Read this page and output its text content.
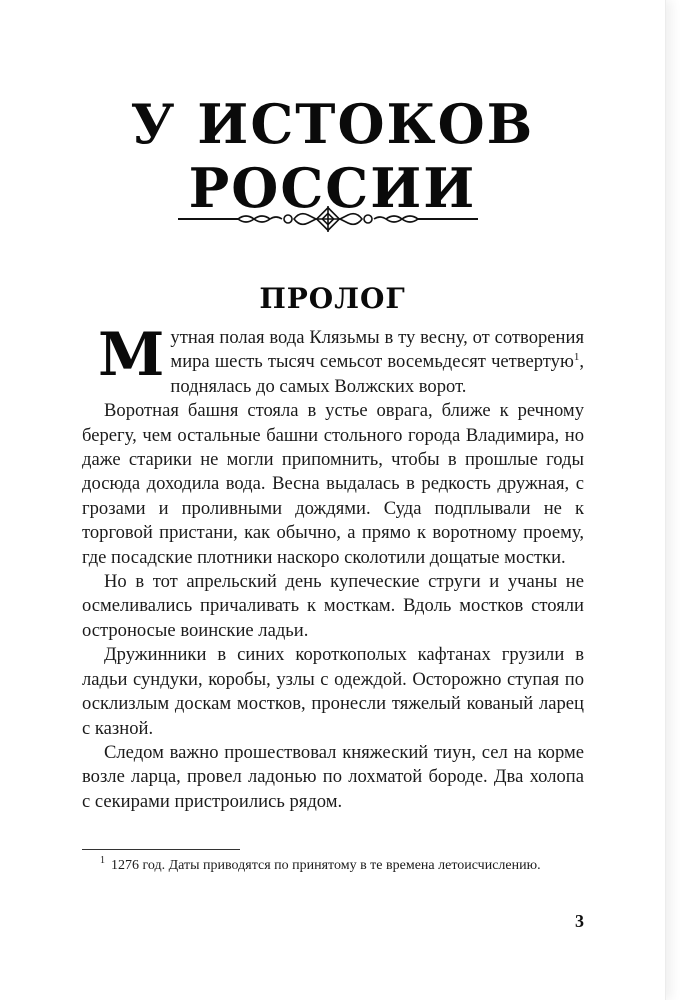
У ИСТОКОВ РОССИИ
ПРОЛОГ

Мутная полая вода Клязьмы в ту весну, от сотворения мира шесть тысяч семьсот восемьдесят четвертую$^1$, поднялась до самых Волжских ворот.

Воротная башня стояла в устье оврага, ближе к речному берегу, чем остальные башни стольного города Владимира, но даже старики не могли припомнить, чтобы в прошлые годы досюда доходила вода. Весна выдалась в редкость дружная, с грозами и проливными дождями. Суда подплывали не к торговой пристани, как обычно, а прямо к воротному проему, где посадские плотники наскоро сколотили дощатые мостки.

Но в тот апрельский день купеческие струги и учаны не осмеливались причаливать к мосткам. Вдоль мостков стояли остроносые воинские ладьи.

Дружинники в синих короткополых кафтанах грузили в ладьи сундуки, коробы, узлы с одеждой. Осторожно ступая по осклизлым доскам мостков, пронесли тяжелый кованый ларец с казной.

Следом важно прошествовал княжеский тиун, сел на корме возле ларца, провел ладонью по лохматой бороде. Два холопа с секирами пристроились рядом.

$^1$ 1276 год. Даты приводятся по принятому в те времена летоисчислению.
3
